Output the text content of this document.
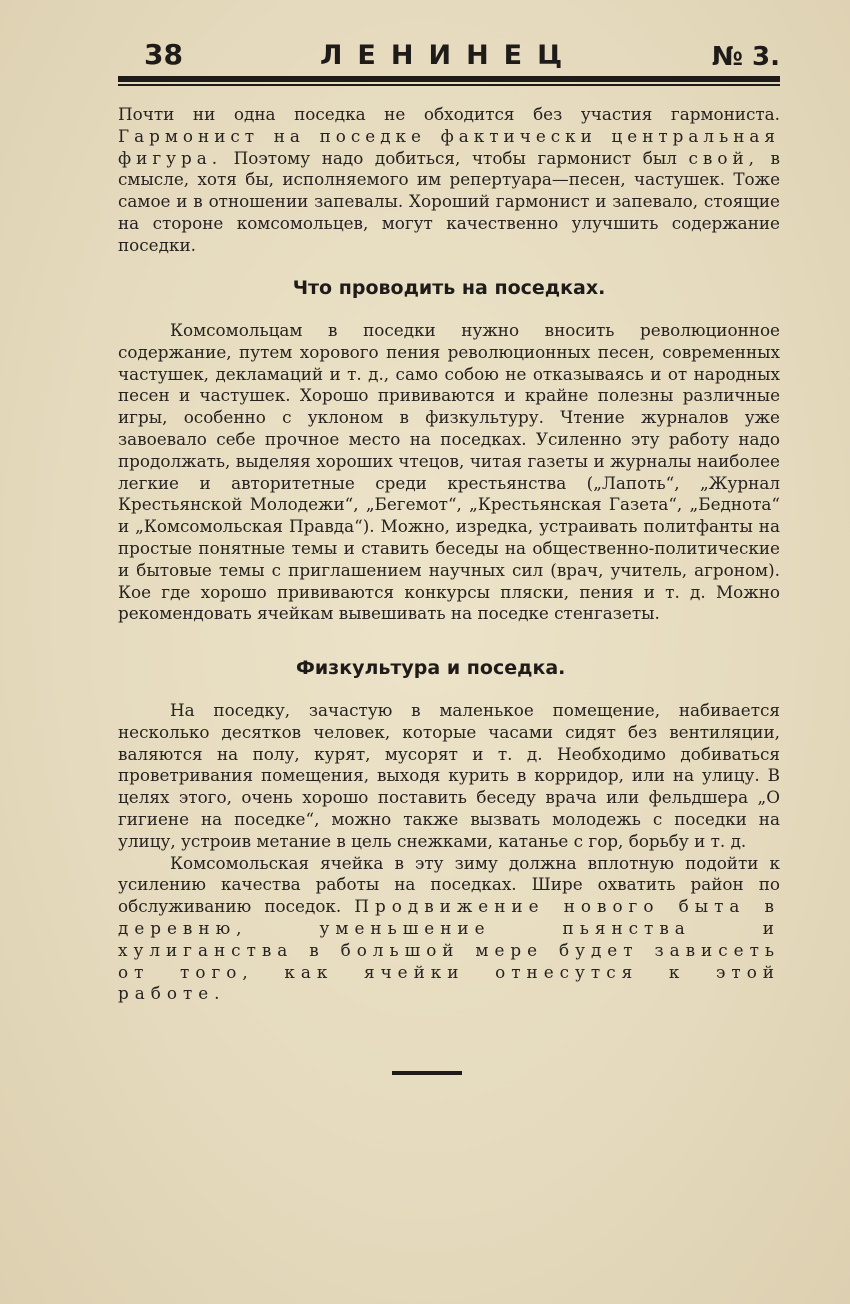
38	ЛЕНИНЕЦ	№ 3.

Почти ни одна поседка не обходится без участия гармониста. Гармонист на поседке фактически центральная фигура. Поэтому надо добиться, чтобы гармонист был свой, в смысле, хотя бы, исполняемого им репертуара—песен, частушек. Тоже самое и в отношении запевалы. Хороший гармонист и запевало, стоящие на стороне комсомольцев, могут качественно улучшить содержание поседки.

Что проводить на поседках.

Комсомольцам в поседки нужно вносить революционное содержание, путем хорового пения революционных песен, современных частушек, декламаций и т. д., само собою не отказываясь и от народных песен и частушек. Хорошо прививаются и крайне полезны различные игры, особенно с уклоном в физкультуру. Чтение журналов уже завоевало себе прочное место на поседках. Усиленно эту работу надо продолжать, выделяя хороших чтецов, читая газеты и журналы наиболее легкие и авторитетные среди крестьянства („Лапоть“, „Журнал Крестьянской Молодежи“, „Бегемот“, „Крестьянская Газета“, „Беднота“ и „Комсомольская Правда“). Можно, изредка, устраивать политфанты на простые понятные темы и ставить беседы на общественно-политические и бытовые темы с приглашением научных сил (врач, учитель, агроном). Кое где хорошо прививаются конкурсы пляски, пения и т. д. Можно рекомендовать ячейкам вывешивать на поседке стенгазеты.

Физкультура и поседка.

На поседку, зачастую в маленькое помещение, набивается несколько десятков человек, которые часами сидят без вентиляции, валяются на полу, курят, мусорят и т. д. Необходимо добиваться проветривания помещения, выходя курить в корридор, или на улицу. В целях этого, очень хорошо поставить беседу врача или фельдшера „О гигиене на поседке“, можно также вызвать молодежь с поседки на улицу, устроив метание в цель снежками, катанье с гор, борьбу и т. д.

Комсомольская ячейка в эту зиму должна вплотную подойти к усилению качества работы на поседках. Шире охватить район по обслуживанию поседок. Продвижение нового быта в деревню, уменьшение пьянства и хулиганства в большой мере будет зависеть от того, как ячейки отнесутся к этой работе.
